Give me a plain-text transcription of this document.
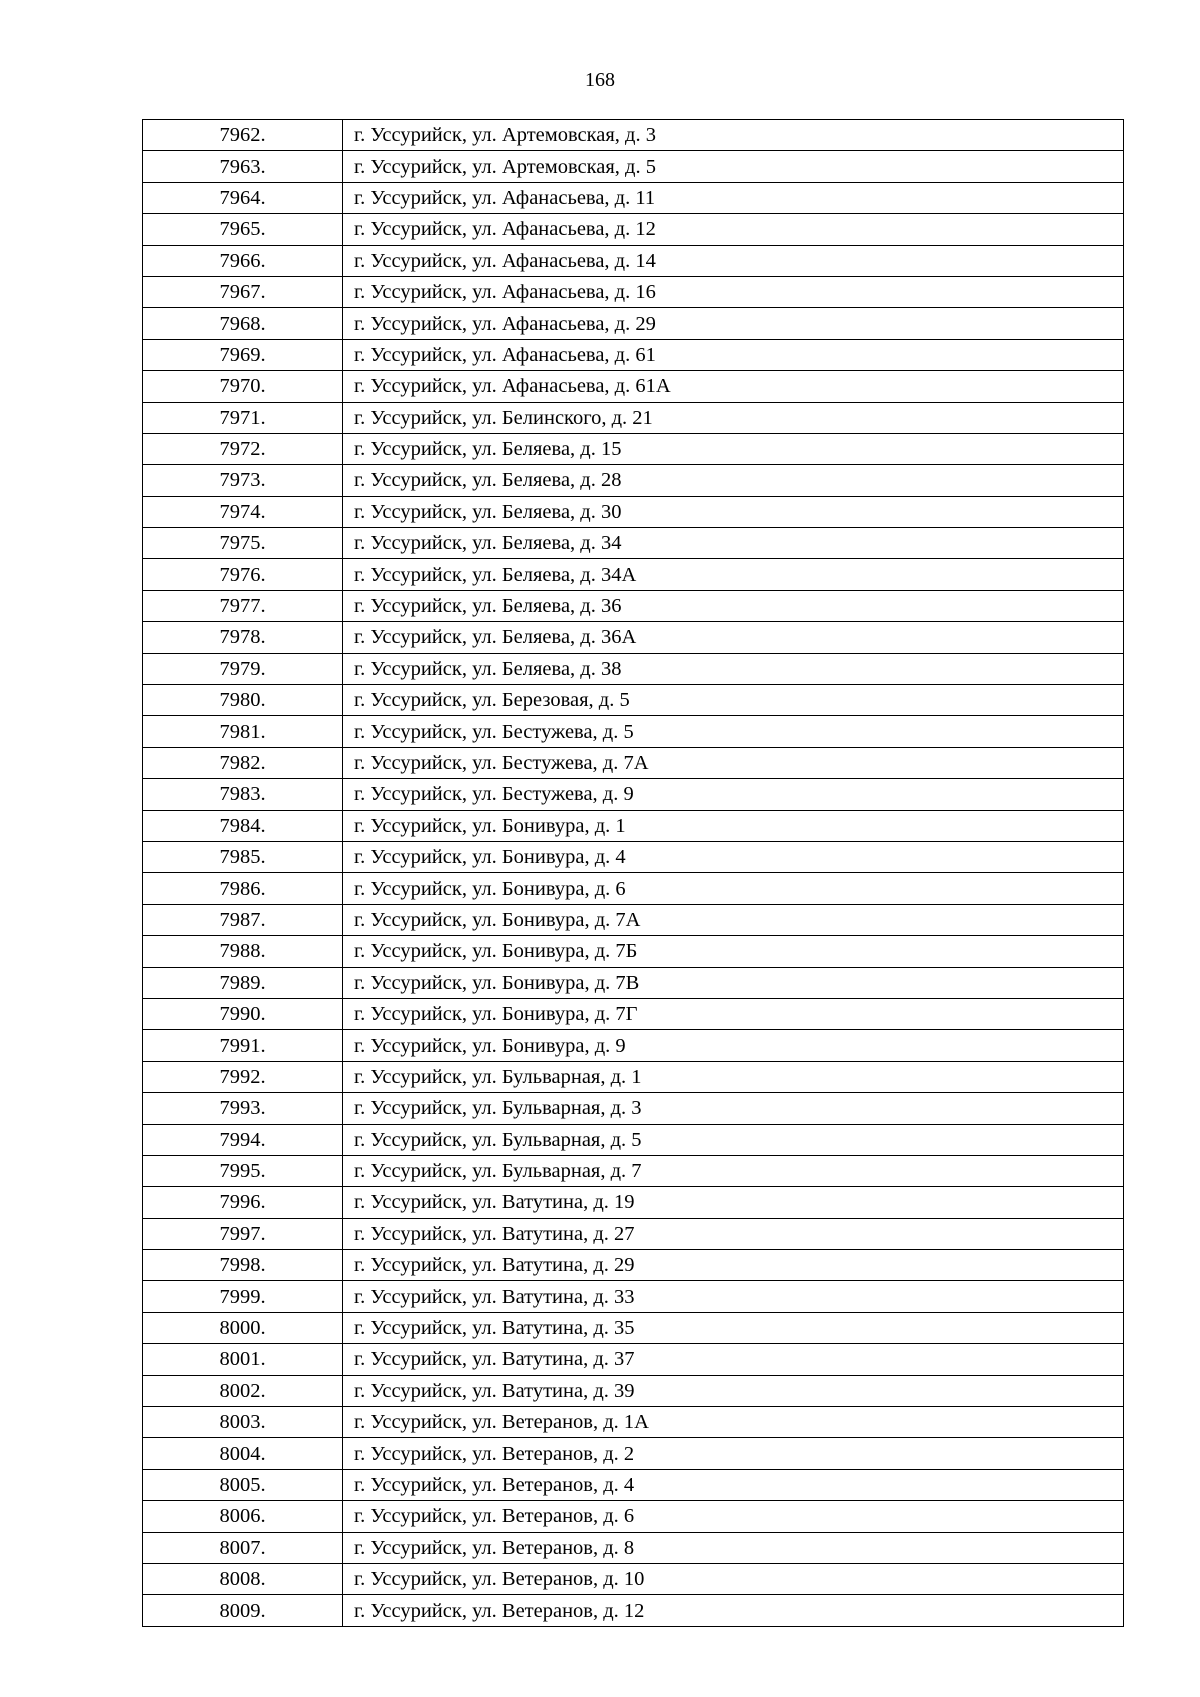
168
7962.	г. Уссурийск, ул. Артемовская, д. 3
7963.	г. Уссурийск, ул. Артемовская, д. 5
7964.	г. Уссурийск, ул. Афанасьева, д. 11
7965.	г. Уссурийск, ул. Афанасьева, д. 12
7966.	г. Уссурийск, ул. Афанасьева, д. 14
7967.	г. Уссурийск, ул. Афанасьева, д. 16
7968.	г. Уссурийск, ул. Афанасьева, д. 29
7969.	г. Уссурийск, ул. Афанасьева, д. 61
7970.	г. Уссурийск, ул. Афанасьева, д. 61А
7971.	г. Уссурийск, ул. Белинского, д. 21
7972.	г. Уссурийск, ул. Беляева, д. 15
7973.	г. Уссурийск, ул. Беляева, д. 28
7974.	г. Уссурийск, ул. Беляева, д. 30
7975.	г. Уссурийск, ул. Беляева, д. 34
7976.	г. Уссурийск, ул. Беляева, д. 34А
7977.	г. Уссурийск, ул. Беляева, д. 36
7978.	г. Уссурийск, ул. Беляева, д. 36А
7979.	г. Уссурийск, ул. Беляева, д. 38
7980.	г. Уссурийск, ул. Березовая, д. 5
7981.	г. Уссурийск, ул. Бестужева, д. 5
7982.	г. Уссурийск, ул. Бестужева, д. 7А
7983.	г. Уссурийск, ул. Бестужева, д. 9
7984.	г. Уссурийск, ул. Бонивура, д. 1
7985.	г. Уссурийск, ул. Бонивура, д. 4
7986.	г. Уссурийск, ул. Бонивура, д. 6
7987.	г. Уссурийск, ул. Бонивура, д. 7А
7988.	г. Уссурийск, ул. Бонивура, д. 7Б
7989.	г. Уссурийск, ул. Бонивура, д. 7В
7990.	г. Уссурийск, ул. Бонивура, д. 7Г
7991.	г. Уссурийск, ул. Бонивура, д. 9
7992.	г. Уссурийск, ул. Бульварная, д. 1
7993.	г. Уссурийск, ул. Бульварная, д. 3
7994.	г. Уссурийск, ул. Бульварная, д. 5
7995.	г. Уссурийск, ул. Бульварная, д. 7
7996.	г. Уссурийск, ул. Ватутина, д. 19
7997.	г. Уссурийск, ул. Ватутина, д. 27
7998.	г. Уссурийск, ул. Ватутина, д. 29
7999.	г. Уссурийск, ул. Ватутина, д. 33
8000.	г. Уссурийск, ул. Ватутина, д. 35
8001.	г. Уссурийск, ул. Ватутина, д. 37
8002.	г. Уссурийск, ул. Ватутина, д. 39
8003.	г. Уссурийск, ул. Ветеранов, д. 1А
8004.	г. Уссурийск, ул. Ветеранов, д. 2
8005.	г. Уссурийск, ул. Ветеранов, д. 4
8006.	г. Уссурийск, ул. Ветеранов, д. 6
8007.	г. Уссурийск, ул. Ветеранов, д. 8
8008.	г. Уссурийск, ул. Ветеранов, д. 10
8009.	г. Уссурийск, ул. Ветеранов, д. 12
